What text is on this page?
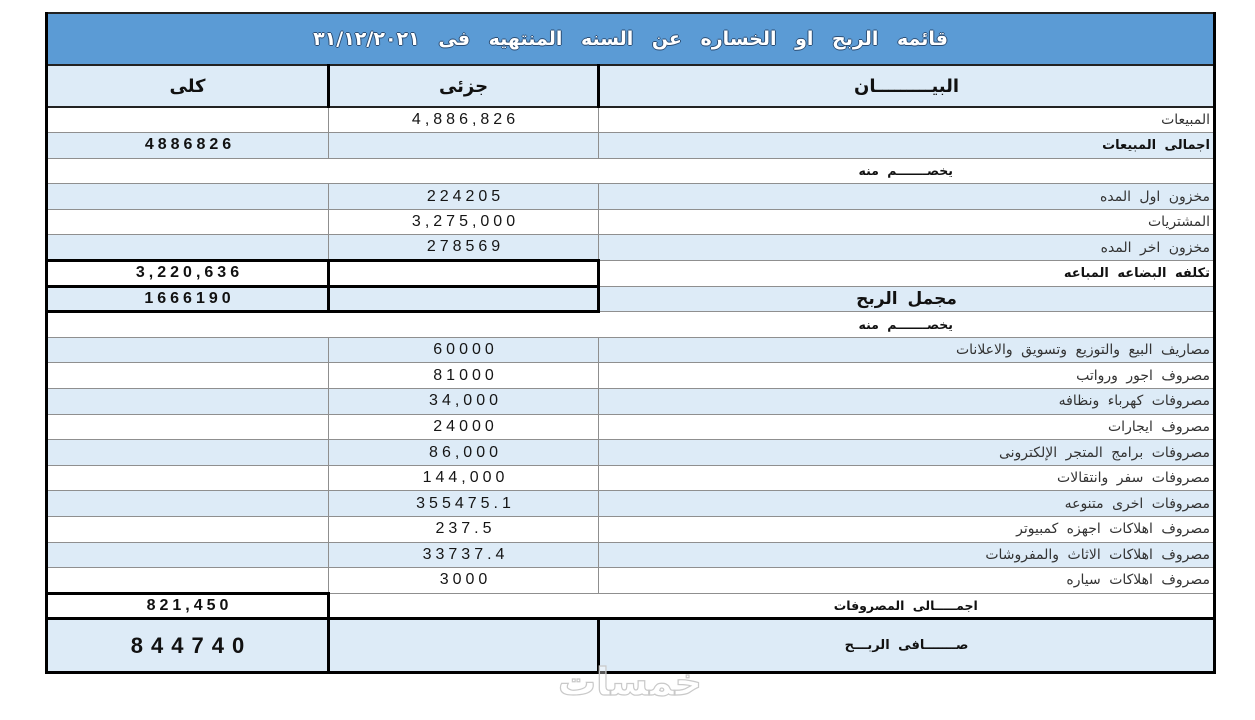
قائمه الربح او الخساره عن السنه المنتهيه فى ٣١/١٢/٢٠٢١		
البيـــــــــان	جزئى	كلى
المبيعات	4,886,826	
اجمالى المبيعات		4886826
يخصـــــــم منه		
مخزون اول المده	224205	
المشتريات	3,275,000	
مخزون اخر المده	278569	
تكلفه البضاعه المباعه		3,220,636
مجمل الربح		1666190
يخصـــــــم منه		
مصاريف البيع والتوزيع وتسويق والاعلانات	60000	
مصروف اجور ورواتب	81000	
مصروفات كهرباء ونظافه	34,000	
مصروف ايجارات	24000	
مصروفات برامج المتجر الإلكترونى	86,000	
مصروفات سفر وانتقالات	144,000	
مصروفات اخرى متنوعه	355475.1	
مصروف اهلاكات اجهزه كمبيوتر	237.5	
مصروف اهلاكات الاثاث والمفروشات	33737.4	
مصروف اهلاكات سياره	3000	
اجمـــــالى المصروفات		821,450
صـــــــافى الربـــح		844740
خمسات
